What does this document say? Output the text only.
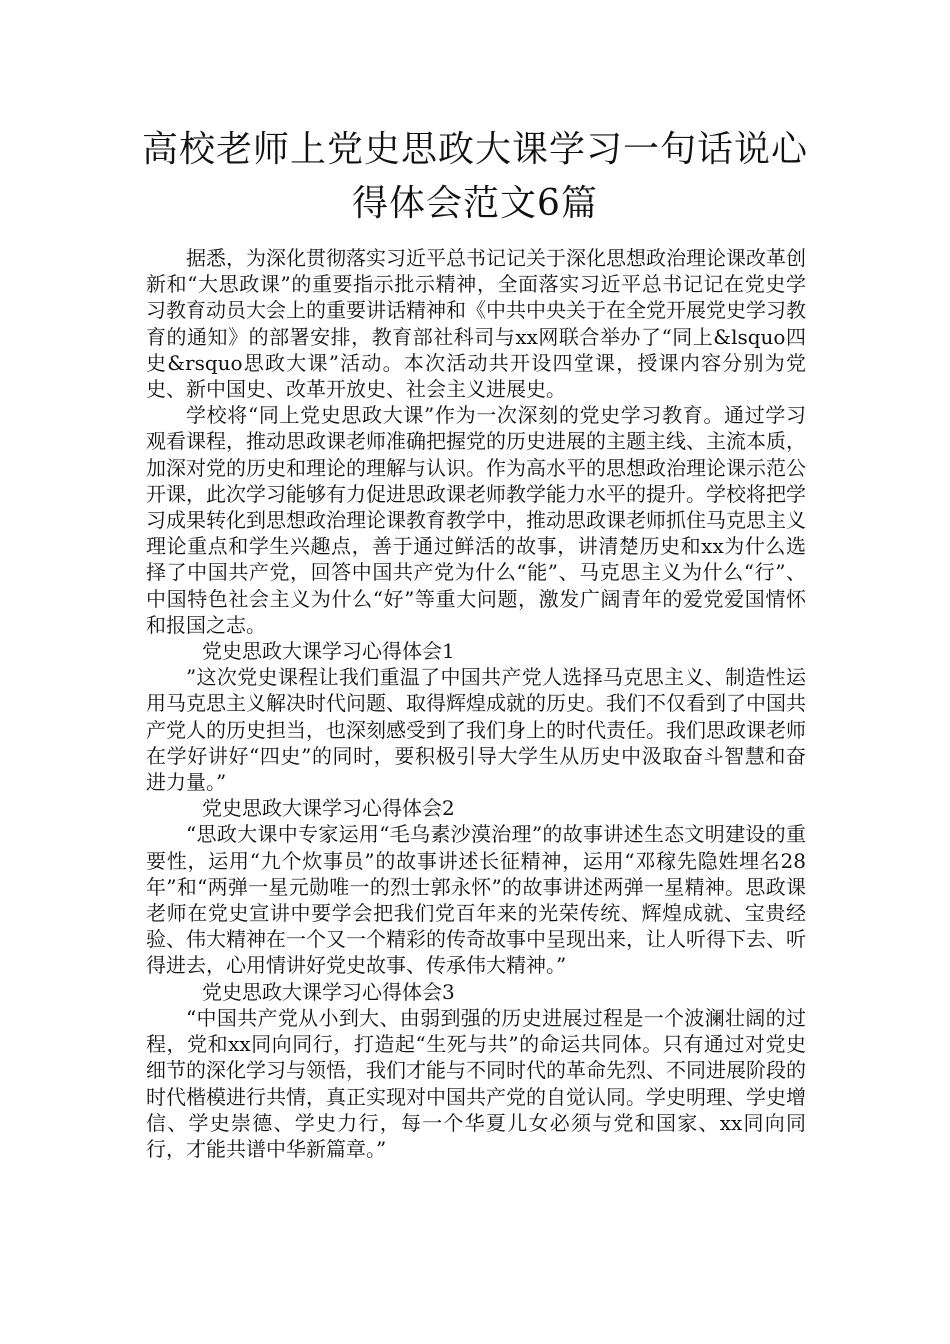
高校老师上党史思政大课学习一句话说心
得体会范文6篇

据悉，为深化贯彻落实习近平总书记记关于深化思想政治理论课改革创新和“大思政课”的重要指示批示精神，全面落实习近平总书记记在党史学习教育动员大会上的重要讲话精神和《中共中央关于在全党开展党史学习教育的通知》的部署安排，教育部社科司与xx网联合举办了“同上&lsquo四史&rsquo思政大课”活动。本次活动共开设四堂课，授课内容分别为党史、新中国史、改革开放史、社会主义进展史。

学校将“同上党史思政大课”作为一次深刻的党史学习教育。通过学习观看课程，推动思政课老师准确把握党的历史进展的主题主线、主流本质，加深对党的历史和理论的理解与认识。作为高水平的思想政治理论课示范公开课，此次学习能够有力促进思政课老师教学能力水平的提升。学校将把学习成果转化到思想政治理论课教育教学中，推动思政课老师抓住马克思主义理论重点和学生兴趣点，善于通过鲜活的故事，讲清楚历史和xx为什么选择了中国共产党，回答中国共产党为什么“能”、马克思主义为什么“行”、中国特色社会主义为什么“好”等重大问题，激发广阔青年的爱党爱国情怀和报国之志。

党史思政大课学习心得体会1

”这次党史课程让我们重温了中国共产党人选择马克思主义、制造性运用马克思主义解决时代问题、取得辉煌成就的历史。我们不仅看到了中国共产党人的历史担当，也深刻感受到了我们身上的时代责任。我们思政课老师在学好讲好“四史”的同时，要积极引导大学生从历史中汲取奋斗智慧和奋进力量。”

党史思政大课学习心得体会2

“思政大课中专家运用“毛乌素沙漠治理”的故事讲述生态文明建设的重要性，运用“九个炊事员”的故事讲述长征精神，运用“邓稼先隐姓埋名28年”和“两弹一星元勋唯一的烈士郭永怀”的故事讲述两弹一星精神。思政课老师在党史宣讲中要学会把我们党百年来的光荣传统、辉煌成就、宝贵经验、伟大精神在一个又一个精彩的传奇故事中呈现出来，让人听得下去、听得进去，心用情讲好党史故事、传承伟大精神。”

党史思政大课学习心得体会3

“中国共产党从小到大、由弱到强的历史进展过程是一个波澜壮阔的过程，党和xx同向同行，打造起“生死与共”的命运共同体。只有通过对党史细节的深化学习与领悟，我们才能与不同时代的革命先烈、不同进展阶段的时代楷模进行共情，真正实现对中国共产党的自觉认同。学史明理、学史增信、学史崇德、学史力行，每一个华夏儿女必须与党和国家、xx同向同行，才能共谱中华新篇章。”
